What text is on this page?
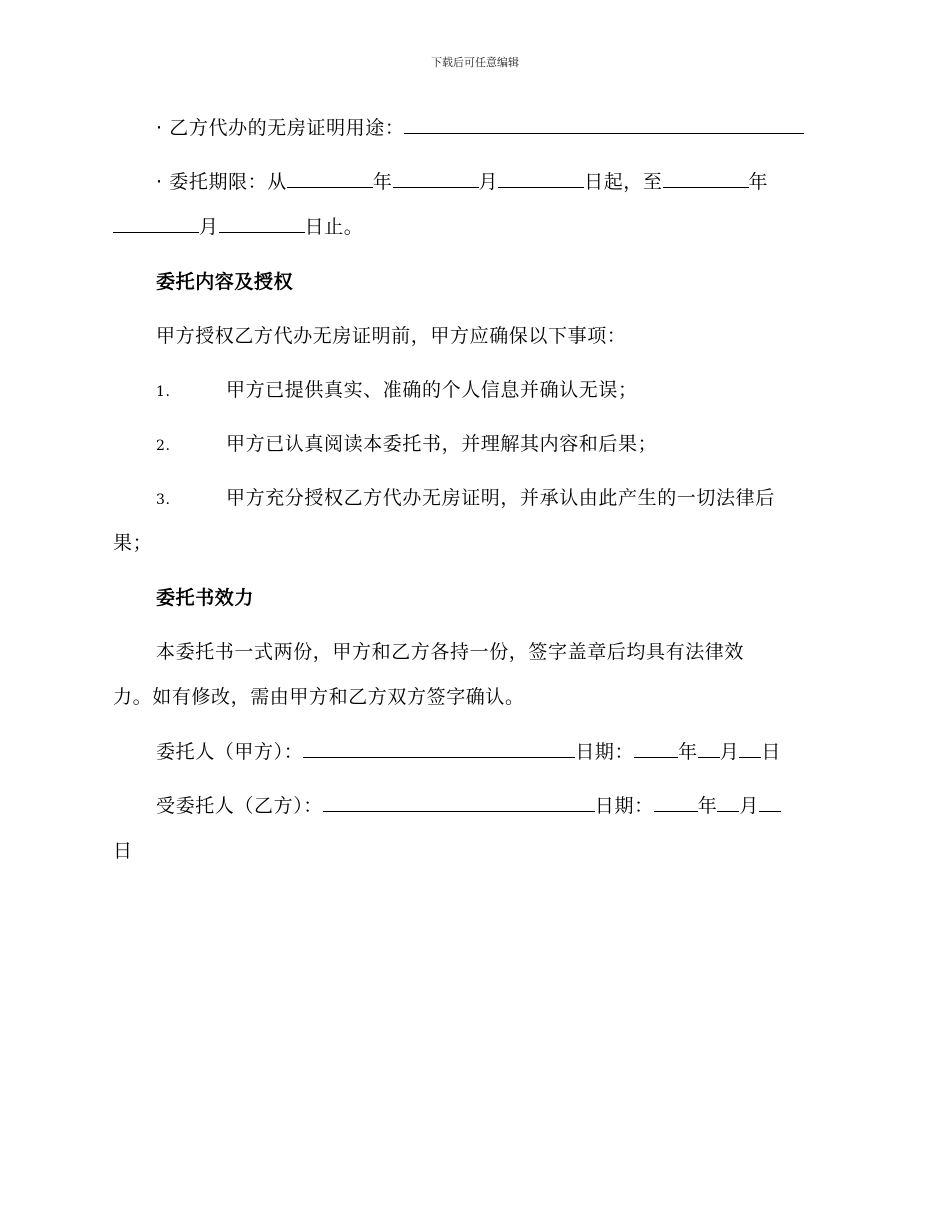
下载后可任意编辑
· 乙方代办的无房证明用途：
· 委托期限：从	年	月	日起，至	年
月	日止。
委托内容及授权
甲方授权乙方代办无房证明前，甲方应确保以下事项：
1.	甲方已提供真实、准确的个人信息并确认无误；
2.	甲方已认真阅读本委托书，并理解其内容和后果；
3.	甲方充分授权乙方代办无房证明，并承认由此产生的一切法律后
果；
委托书效力
本委托书一式两份，甲方和乙方各持一份，签字盖章后均具有法律效
力。如有修改，需由甲方和乙方双方签字确认。
委托人（甲方）：	日期： 年 月 日
受委托人（乙方）：	日期： 年 月
日
